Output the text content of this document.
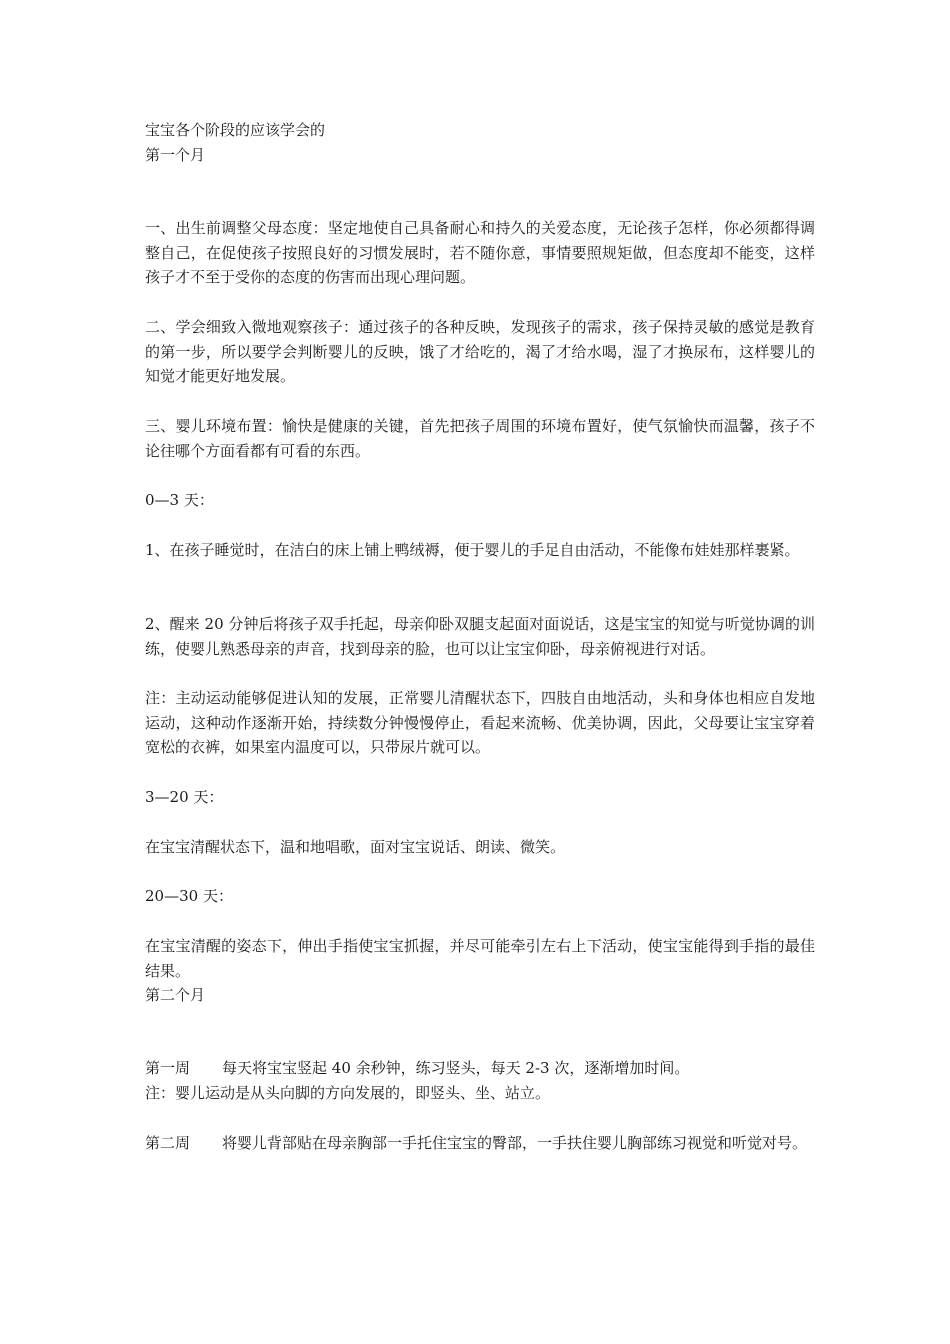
宝宝各个阶段的应该学会的
第一个月
一、出生前调整父母态度：坚定地使自己具备耐心和持久的关爱态度，无论孩子怎样，你必须都得调整自己，在促使孩子按照良好的习惯发展时，若不随你意，事情要照规矩做，但态度却不能变，这样孩子才不至于受你的态度的伤害而出现心理问题。
二、学会细致入微地观察孩子：通过孩子的各种反映，发现孩子的需求，孩子保持灵敏的感觉是教育的第一步，所以要学会判断婴儿的反映，饿了才给吃的，渴了才给水喝，湿了才换尿布，这样婴儿的知觉才能更好地发展。
三、婴儿环境布置：愉快是健康的关键，首先把孩子周围的环境布置好，使气氛愉快而温馨，孩子不论往哪个方面看都有可看的东西。
0—3 天：
1、在孩子睡觉时，在洁白的床上铺上鸭绒褥，便于婴儿的手足自由活动，不能像布娃娃那样裹紧。
2、醒来 20 分钟后将孩子双手托起，母亲仰卧双腿支起面对面说话，这是宝宝的知觉与听觉协调的训练，使婴儿熟悉母亲的声音，找到母亲的脸，也可以让宝宝仰卧，母亲俯视进行对话。
注：主动运动能够促进认知的发展，正常婴儿清醒状态下，四肢自由地活动，头和身体也相应自发地运动，这种动作逐渐开始，持续数分钟慢慢停止，看起来流畅、优美协调，因此，父母要让宝宝穿着宽松的衣裤，如果室内温度可以，只带尿片就可以。
3—20 天：
在宝宝清醒状态下，温和地唱歌，面对宝宝说话、朗读、微笑。
20—30 天：
在宝宝清醒的姿态下，伸出手指使宝宝抓握，并尽可能牵引左右上下活动，使宝宝能得到手指的最佳结果。
第二个月
第一周 每天将宝宝竖起 40 余秒钟，练习竖头，每天 2-3 次，逐渐增加时间。
注：婴儿运动是从头向脚的方向发展的，即竖头、坐、站立。
第二周 将婴儿背部贴在母亲胸部一手托住宝宝的臀部，一手扶住婴儿胸部练习视觉和听觉对号。
